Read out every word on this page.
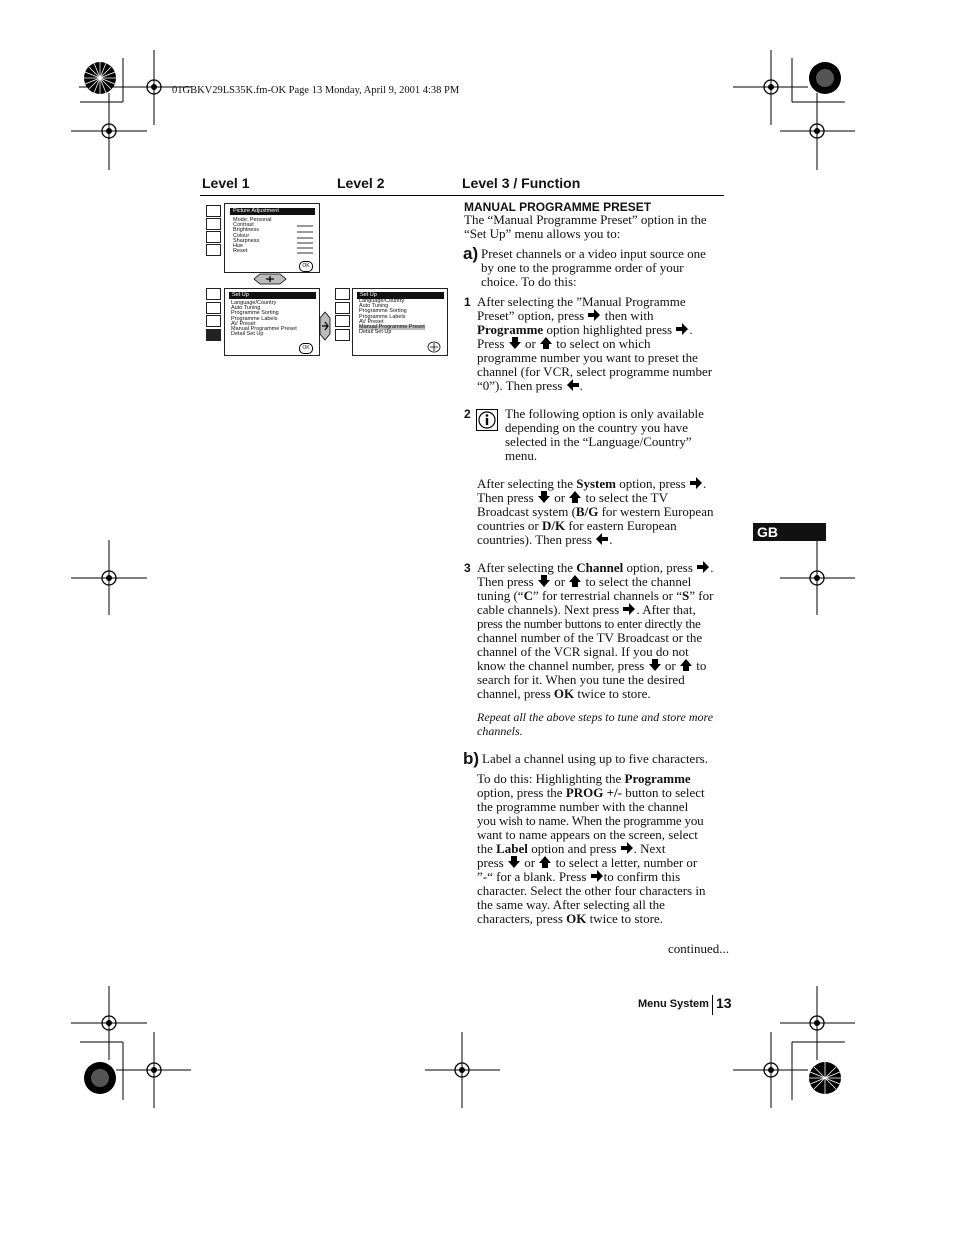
01GBKV29LS35K.fm-OK Page 13 Monday, April 9, 2001 4:38 PM
Level 1	Level 2	Level 3 / Function
Picture Adjustment
Mode: Personal
Contrast
Brightness
Colour
Sharpness
Hue
Reset
OK
Set Up
Language/Country
Auto Tuning
Programme Sorting
Programme Labels
AV Preset
Manual Programme Preset
Detail Set Up
OK
Set Up
Language/Country
Auto Tuning
Programme Sorting
Programme Labels
AV Preset
Manual Programme Preset
Detail Set Up
MANUAL PROGRAMME PRESET
The “Manual Programme Preset” option in the
“Set Up” menu allows you to:
a) Preset channels or a video input source one
by one to the programme order of your
choice. To do this:
1 After selecting the ”Manual Programme
Preset” option, press then with
Programme option highlighted press .
Press or to select on which
programme number you want to preset the
channel (for VCR, select programme number
“0”). Then press .
2	The following option is only available
depending on the country you have
selected in the “Language/Country”
menu.
After selecting the System option, press .
Then press or to select the TV
Broadcast system (B/G for western European
countries or D/K for eastern European
countries). Then press .	GB
3 After selecting the Channel option, press .
Then press or to select the channel
tuning (“C” for terrestrial channels or “S” for
cable channels). Next press . After that,
press the number buttons to enter directly the
channel number of the TV Broadcast or the
channel of the VCR signal. If you do not
know the channel number, press or to
search for it. When you tune the desired
channel, press OK twice to store.
Repeat all the above steps to tune and store more
channels.
b) Label a channel using up to five characters.
To do this: Highlighting the Programme
option, press the PROG +/- button to select
the programme number with the channel
you wish to name. When the programme you
want to name appears on the screen, select
the Label option and press . Next
press or to select a letter, number or
”-“ for a blank. Press to confirm this
character. Select the other four characters in
the same way. After selecting all the
characters, press OK twice to store.
continued...
Menu System 13
